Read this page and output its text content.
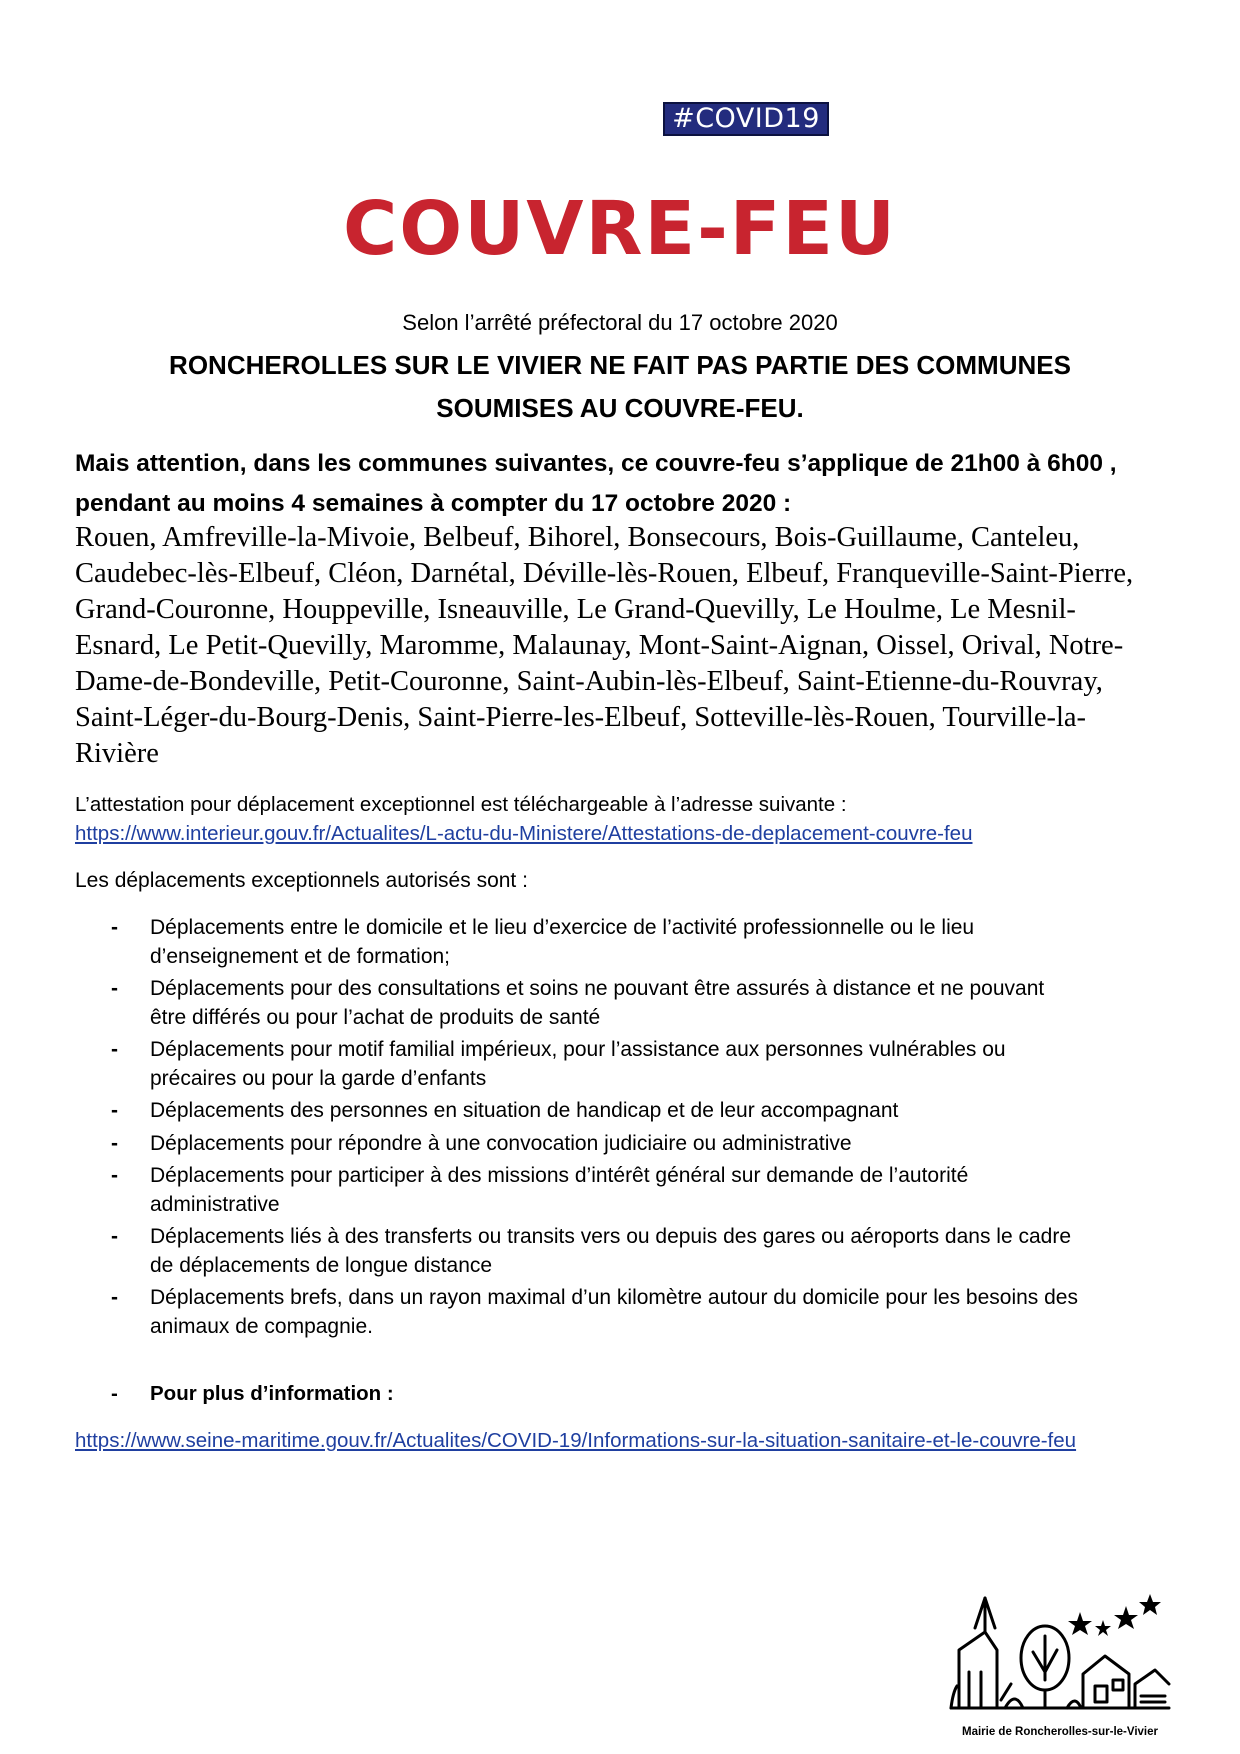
#COVID19
COUVRE-FEU
Selon l’arrêté préfectoral du 17 octobre 2020
RONCHEROLLES SUR LE VIVIER NE FAIT PAS PARTIE DES COMMUNES
SOUMISES AU COUVRE-FEU.
Mais attention, dans les communes suivantes, ce couvre-feu s’applique de 21h00 à 6h00 ,
pendant au moins 4 semaines à compter du 17 octobre 2020 :
Rouen, Amfreville-la-Mivoie, Belbeuf, Bihorel, Bonsecours, Bois-Guillaume, Canteleu,
Caudebec-lès-Elbeuf, Cléon, Darnétal, Déville-lès-Rouen, Elbeuf, Franqueville-Saint-Pierre,
Grand-Couronne, Houppeville, Isneauville, Le Grand-Quevilly, Le Houlme, Le Mesnil-
Esnard, Le Petit-Quevilly, Maromme, Malaunay, Mont-Saint-Aignan, Oissel, Orival, Notre-
Dame-de-Bondeville, Petit-Couronne, Saint-Aubin-lès-Elbeuf, Saint-Etienne-du-Rouvray,
Saint-Léger-du-Bourg-Denis, Saint-Pierre-les-Elbeuf, Sotteville-lès-Rouen, Tourville-la-
Rivière
L’attestation pour déplacement exceptionnel est téléchargeable à l’adresse suivante :
https://www.interieur.gouv.fr/Actualites/L-actu-du-Ministere/Attestations-de-deplacement-couvre-feu
Les déplacements exceptionnels autorisés sont :
- Déplacements entre le domicile et le lieu d’exercice de l’activité professionnelle ou le lieu
d’enseignement et de formation;
- Déplacements pour des consultations et soins ne pouvant être assurés à distance et ne pouvant
être différés ou pour l’achat de produits de santé
- Déplacements pour motif familial impérieux, pour l’assistance aux personnes vulnérables ou
précaires ou pour la garde d’enfants
- Déplacements des personnes en situation de handicap et de leur accompagnant
- Déplacements pour répondre à une convocation judiciaire ou administrative
- Déplacements pour participer à des missions d’intérêt général sur demande de l’autorité
administrative
- Déplacements liés à des transferts ou transits vers ou depuis des gares ou aéroports dans le cadre
de déplacements de longue distance
- Déplacements brefs, dans un rayon maximal d’un kilomètre autour du domicile pour les besoins des
animaux de compagnie.
- Pour plus d’information :
https://www.seine-maritime.gouv.fr/Actualites/COVID-19/Informations-sur-la-situation-sanitaire-et-le-couvre-feu
Mairie de Roncherolles-sur-le-Vivier
